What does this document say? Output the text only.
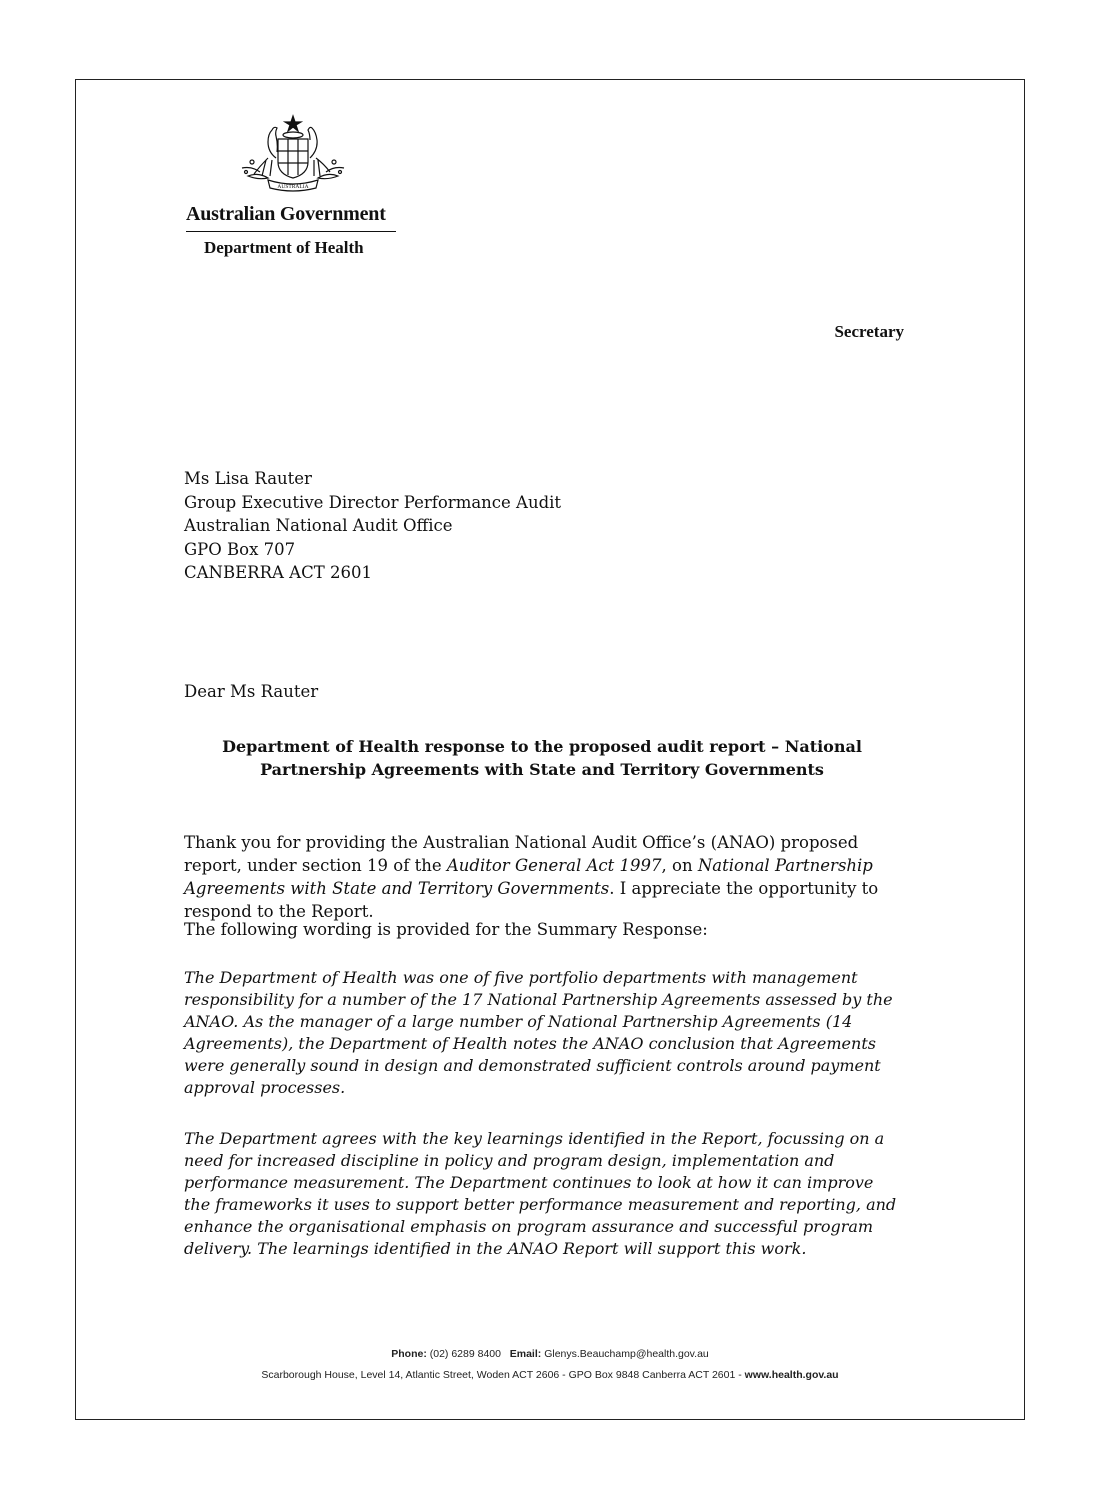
AUSTRALIA
Australian Government
Department of Health
Secretary
Ms Lisa Rauter
Group Executive Director Performance Audit
Australian National Audit Office
GPO Box 707
CANBERRA ACT 2601
Dear Ms Rauter
Department of Health response to the proposed audit report – National Partnership Agreements with State and Territory Governments
Thank you for providing the Australian National Audit Office’s (ANAO) proposed report, under section 19 of the Auditor General Act 1997, on National Partnership Agreements with State and Territory Governments. I appreciate the opportunity to respond to the Report.
The following wording is provided for the Summary Response:
The Department of Health was one of five portfolio departments with management responsibility for a number of the 17 National Partnership Agreements assessed by the ANAO. As the manager of a large number of National Partnership Agreements (14 Agreements), the Department of Health notes the ANAO conclusion that Agreements were generally sound in design and demonstrated sufficient controls around payment approval processes.
The Department agrees with the key learnings identified in the Report, focussing on a need for increased discipline in policy and program design, implementation and performance measurement. The Department continues to look at how it can improve the frameworks it uses to support better performance measurement and reporting, and enhance the organisational emphasis on program assurance and successful program delivery. The learnings identified in the ANAO Report will support this work.
Phone: (02) 6289 8400 Email: Glenys.Beauchamp@health.gov.au
Scarborough House, Level 14, Atlantic Street, Woden ACT 2606 - GPO Box 9848 Canberra ACT 2601 - www.health.gov.au
